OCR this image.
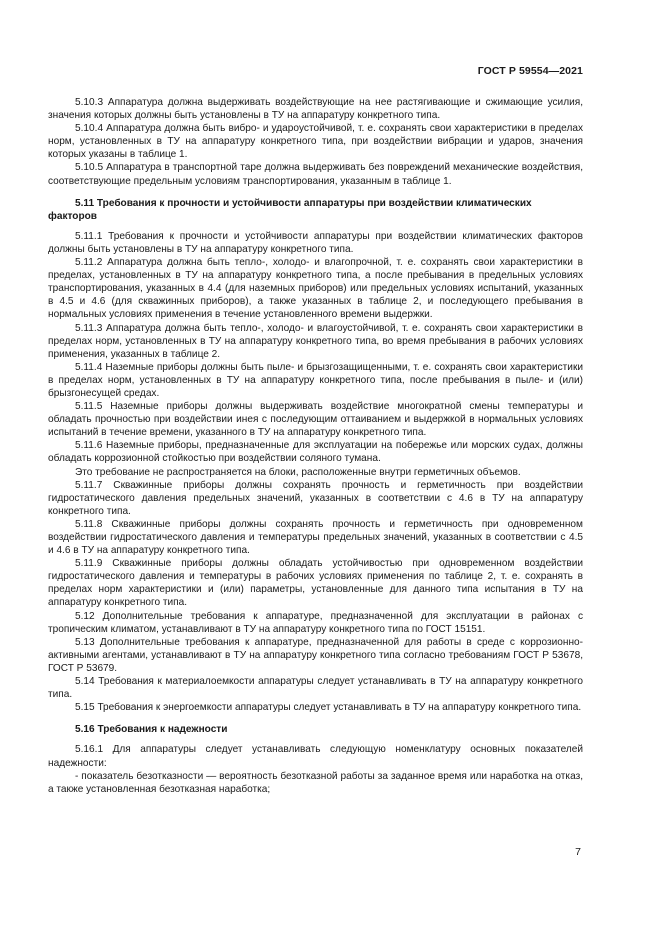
ГОСТ Р 59554—2021

5.10.3 Аппаратура должна выдерживать воздействующие на нее растягивающие и сжимающие усилия, значения которых должны быть установлены в ТУ на аппаратуру конкретного типа.

5.10.4 Аппаратура должна быть вибро- и ударoустойчивой, т. е. сохранять свои характеристики в пределах норм, установленных в ТУ на аппаратуру конкретного типа, при воздействии вибрации и ударов, значения которых указаны в таблице 1.

5.10.5 Аппаратура в транспортной таре должна выдерживать без повреждений механические воздействия, соответствующие предельным условиям транспортирования, указанным в таблице 1.

5.11 Требования к прочности и устойчивости аппаратуры при воздействии климатических факторов

5.11.1 Требования к прочности и устойчивости аппаратуры при воздействии климатических факторов должны быть установлены в ТУ на аппаратуру конкретного типа.

5.11.2 Аппаратура должна быть тепло-, холодо- и влагопрочной, т. е. сохранять свои характеристики в пределах, установленных в ТУ на аппаратуру конкретного типа, а после пребывания в предельных условиях транспортирования, указанных в 4.4 (для наземных приборов) или предельных условиях испытаний, указанных в 4.5 и 4.6 (для скважинных приборов), а также указанных в таблице 2, и последующего пребывания в нормальных условиях применения в течение установленного времени выдержки.

5.11.3 Аппаратура должна быть тепло-, холодо- и влагоустойчивой, т. е. сохранять свои характеристики в пределах норм, установленных в ТУ на аппаратуру конкретного типа, во время пребывания в рабочих условиях применения, указанных в таблице 2.

5.11.4 Наземные приборы должны быть пыле- и брызгозащищенными, т. е. сохранять свои характеристики в пределах норм, установленных в ТУ на аппаратуру конкретного типа, после пребывания в пыле- и (или) брызгонесущей средах.

5.11.5 Наземные приборы должны выдерживать воздействие многократной смены температуры и обладать прочностью при воздействии инея с последующим оттаиванием и выдержкой в нормальных условиях испытаний в течение времени, указанного в ТУ на аппаратуру конкретного типа.

5.11.6 Наземные приборы, предназначенные для эксплуатации на побережье или морских судах, должны обладать коррозионной стойкостью при воздействии соляного тумана.

Это требование не распространяется на блоки, расположенные внутри герметичных объемов.

5.11.7 Скважинные приборы должны сохранять прочность и герметичность при воздействии гидростатического давления предельных значений, указанных в соответствии с 4.6 в ТУ на аппаратуру конкретного типа.

5.11.8 Скважинные приборы должны сохранять прочность и герметичность при одновременном воздействии гидростатического давления и температуры предельных значений, указанных в соответствии с 4.5 и 4.6 в ТУ на аппаратуру конкретного типа.

5.11.9 Скважинные приборы должны обладать устойчивостью при одновременном воздействии гидростатического давления и температуры в рабочих условиях применения по таблице 2, т. е. сохранять в пределах норм характеристики и (или) параметры, установленные для данного типа испытания в ТУ на аппаратуру конкретного типа.

5.12 Дополнительные требования к аппаратуре, предназначенной для эксплуатации в районах с тропическим климатом, устанавливают в ТУ на аппаратуру конкретного типа по ГОСТ 15151.

5.13 Дополнительные требования к аппаратуре, предназначенной для работы в среде с коррозионно-активными агентами, устанавливают в ТУ на аппаратуру конкретного типа согласно требованиям ГОСТ Р 53678, ГОСТ Р 53679.

5.14 Требования к материалоемкости аппаратуры следует устанавливать в ТУ на аппаратуру конкретного типа.

5.15 Требования к энергоемкости аппаратуры следует устанавливать в ТУ на аппаратуру конкретного типа.

5.16 Требования к надежности

5.16.1 Для аппаратуры следует устанавливать следующую номенклатуру основных показателей надежности:

- показатель безотказности — вероятность безотказной работы за заданное время или наработка на отказ, а также установленная безотказная наработка;

7
